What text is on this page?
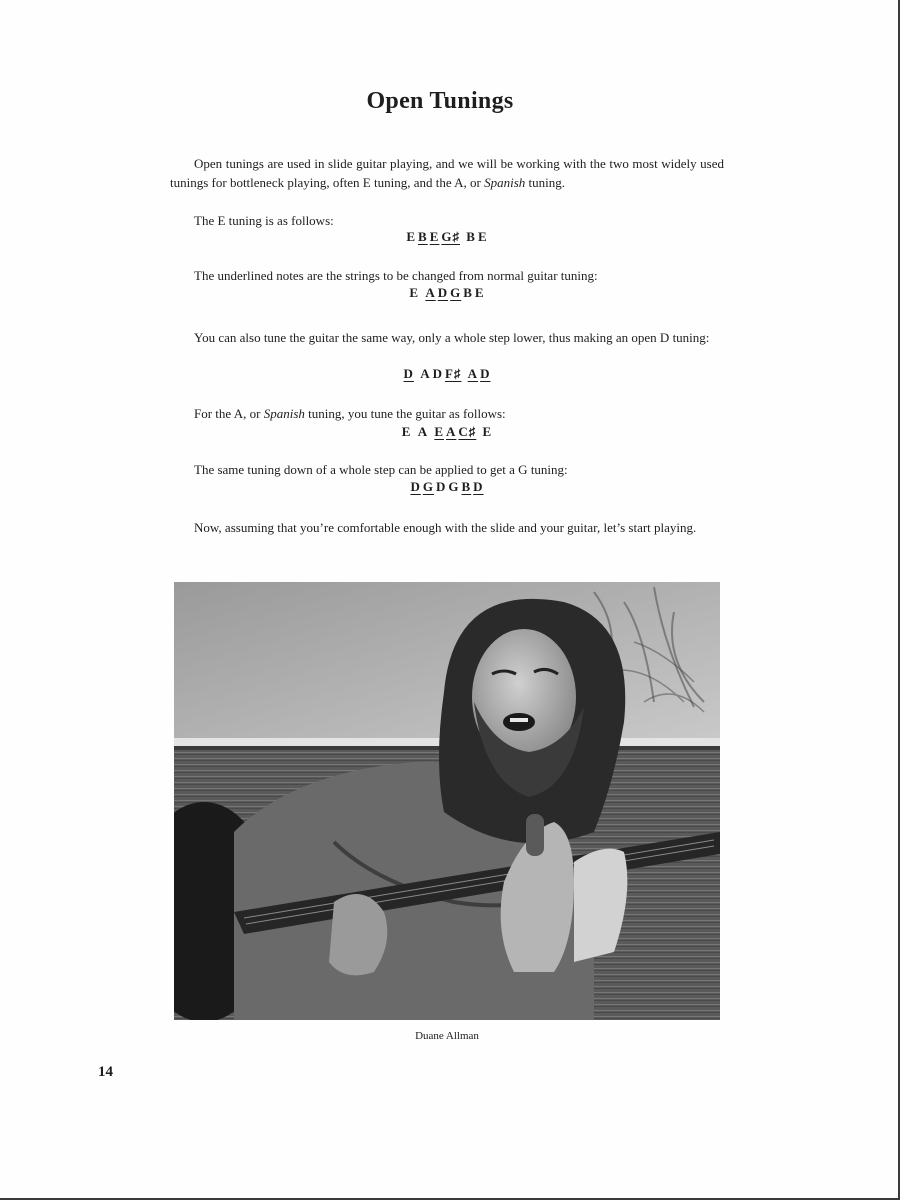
Open Tunings
Open tunings are used in slide guitar playing, and we will be working with the two most widely used tunings for bottleneck playing, often E tuning, and the A, or Spanish tuning.
The E tuning is as follows:
E B E G♯ B E
The underlined notes are the strings to be changed from normal guitar tuning:
E A D G B E
You can also tune the guitar the same way, only a whole step lower, thus making an open D tuning:
D A D F♯ A D
For the A, or Spanish tuning, you tune the guitar as follows:
E A E A C♯ E
The same tuning down of a whole step can be applied to get a G tuning:
D G D G B D
Now, assuming that you’re comfortable enough with the slide and your guitar, let’s start playing.
Duane Allman
14
